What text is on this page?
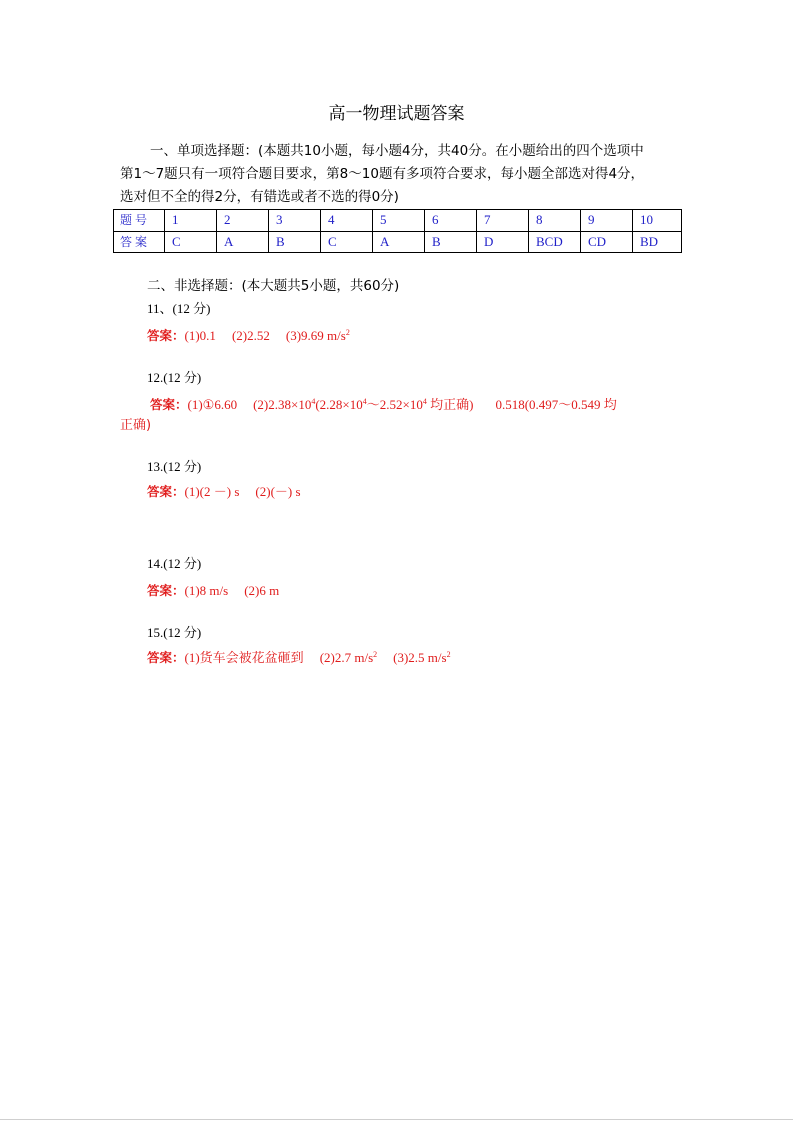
高一物理试题答案

一、单项选择题：(本题共10小题，每小题4分，共40分。在小题给出的四个选项中

第1～7题只有一项符合题目要求，第8～10题有多项符合要求，每小题全部选对得4分，

选对但不全的得2分，有错选或者不选的得0分)

题号	1	2	3	4	5	6	7	8	9	10
答案	C	A	B	C	A	B	D	BCD	CD	BD
二、非选择题：(本大题共5小题，共60分)
11、(12 分)
答案：(1)0.1 (2)2.52 (3)9.69 $m/s^2$
12.(12 分)
答案：(1)①6.60 $(2)2.38\times 10^4(2.28\times 10^4\sim 2.52\times 10^4$ 均正确) 0.518(0.497～0.549 均
正确)
13.(12 分)
答案：(1)(2 －) s (2)(－) s
14.(12 分)
答案：(1)8 m/s (2)6 m
15.(12 分)
答案：(1)货车会被花盆砸到 (2)2.7 $m/s^2$ (3)2.5 $m/s^2$
